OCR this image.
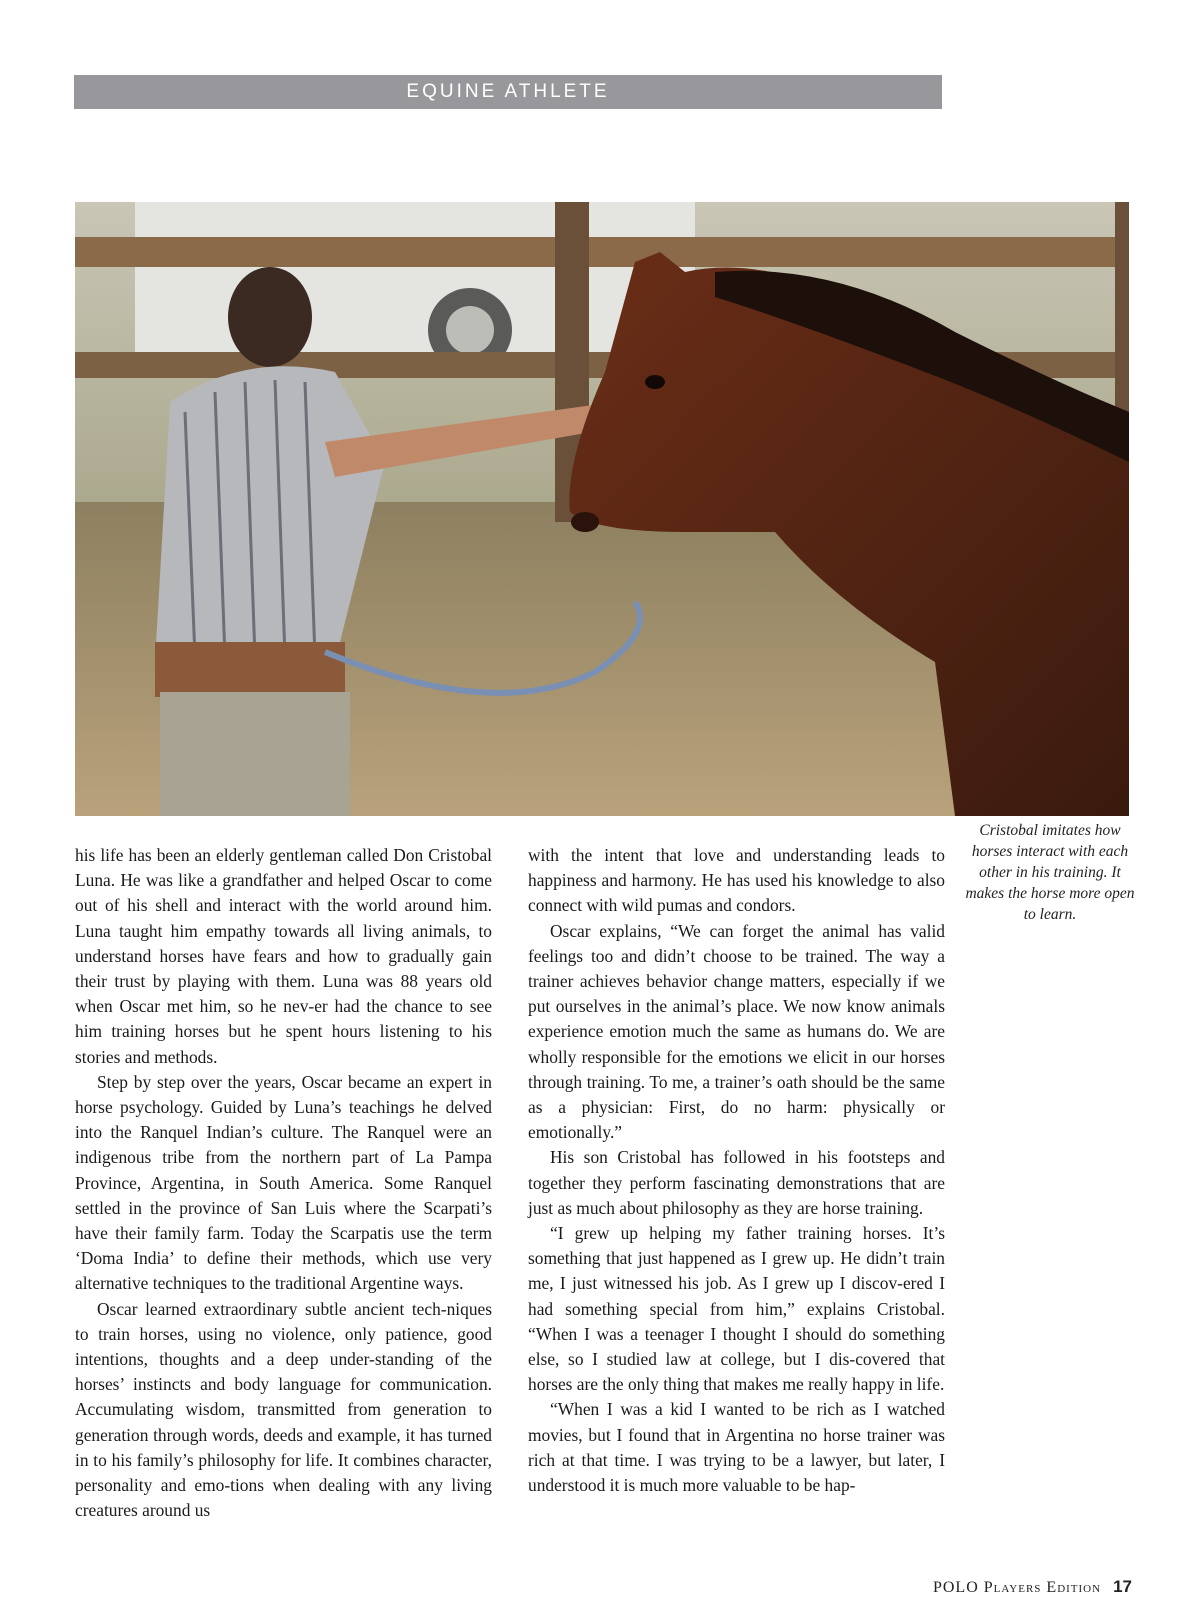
EQUINE ATHLETE
Cristobal imitates how horses interact with each other in his training. It makes the horse more open to learn.

his life has been an elderly gentleman called Don Cristobal Luna. He was like a grandfather and helped Oscar to come out of his shell and interact with the world around him. Luna taught him empathy towards all living animals, to understand horses have fears and how to gradually gain their trust by playing with them. Luna was 88 years old when Oscar met him, so he nev-er had the chance to see him training horses but he spent hours listening to his stories and methods.

Step by step over the years, Oscar became an expert in horse psychology. Guided by Luna’s teachings he delved into the Ranquel Indian’s culture. The Ranquel were an indigenous tribe from the northern part of La Pampa Province, Argentina, in South America. Some Ranquel settled in the province of San Luis where the Scarpati’s have their family farm. Today the Scarpatis use the term ‘Doma India’ to define their methods, which use very alternative techniques to the traditional Argentine ways.

Oscar learned extraordinary subtle ancient tech-niques to train horses, using no violence, only patience, good intentions, thoughts and a deep under-standing of the horses’ instincts and body language for communication. Accumulating wisdom, transmitted from generation to generation through words, deeds and example, it has turned in to his family’s philosophy for life. It combines character, personality and emo-tions when dealing with any living creatures around us

with the intent that love and understanding leads to happiness and harmony. He has used his knowledge to also connect with wild pumas and condors.

Oscar explains, “We can forget the animal has valid feelings too and didn’t choose to be trained. The way a trainer achieves behavior change matters, especially if we put ourselves in the animal’s place. We now know animals experience emotion much the same as humans do. We are wholly responsible for the emotions we elicit in our horses through training. To me, a trainer’s oath should be the same as a physician: First, do no harm: physically or emotionally.”

His son Cristobal has followed in his footsteps and together they perform fascinating demonstrations that are just as much about philosophy as they are horse training.

“I grew up helping my father training horses. It’s something that just happened as I grew up. He didn’t train me, I just witnessed his job. As I grew up I discov-ered I had something special from him,” explains Cristobal. “When I was a teenager I thought I should do something else, so I studied law at college, but I dis-covered that horses are the only thing that makes me really happy in life.

“When I was a kid I wanted to be rich as I watched movies, but I found that in Argentina no horse trainer was rich at that time. I was trying to be a lawyer, but later, I understood it is much more valuable to be hap-

POLO Players Edition 17
